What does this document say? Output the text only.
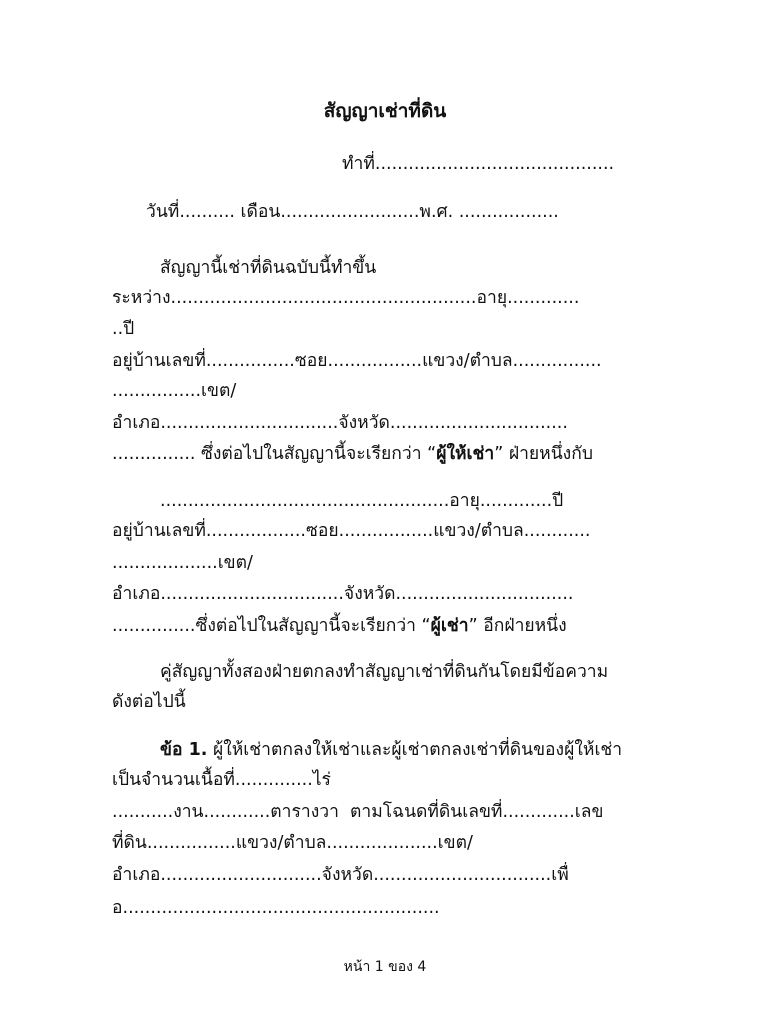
สัญญาเช่าที่ดิน
ทำที่...........................................
วันที่.......... เดือน.........................พ.ศ. ..................
สัญญานี้เช่าที่ดินฉบับนี้ทำขึ้น
ระหว่าง.......................................................อายุ.............
..ปี
อยู่บ้านเลขที่................ซอย.................แขวง/ตำบล................
................เขต/
อำเภอ................................จังหวัด................................
............... ซึ่งต่อไปในสัญญานี้จะเรียกว่า “ผู้ให้เช่า” ฝ่ายหนึ่งกับ
....................................................อายุ.............ปี
อยู่บ้านเลขที่..................ซอย.................แขวง/ตำบล............
...................เขต/
อำเภอ.................................จังหวัด................................
...............ซึ่งต่อไปในสัญญานี้จะเรียกว่า “ผู้เช่า” อีกฝ่ายหนึ่ง
คู่สัญญาทั้งสองฝ่ายตกลงทำสัญญาเช่าที่ดินกันโดยมีข้อความ
ดังต่อไปนี้
ข้อ 1. ผู้ให้เช่าตกลงให้เช่าและผู้เช่าตกลงเช่าที่ดินของผู้ให้เช่า
เป็นจำนวนเนื้อที่..............ไร่
...........งาน............ตารางวา  ตามโฉนดที่ดินเลขที่.............เลข
ที่ดิน................แขวง/ตำบล....................เขต/
อำเภอ.............................จังหวัด................................เพื่
อ.........................................................
หน้า 1 ของ 4
